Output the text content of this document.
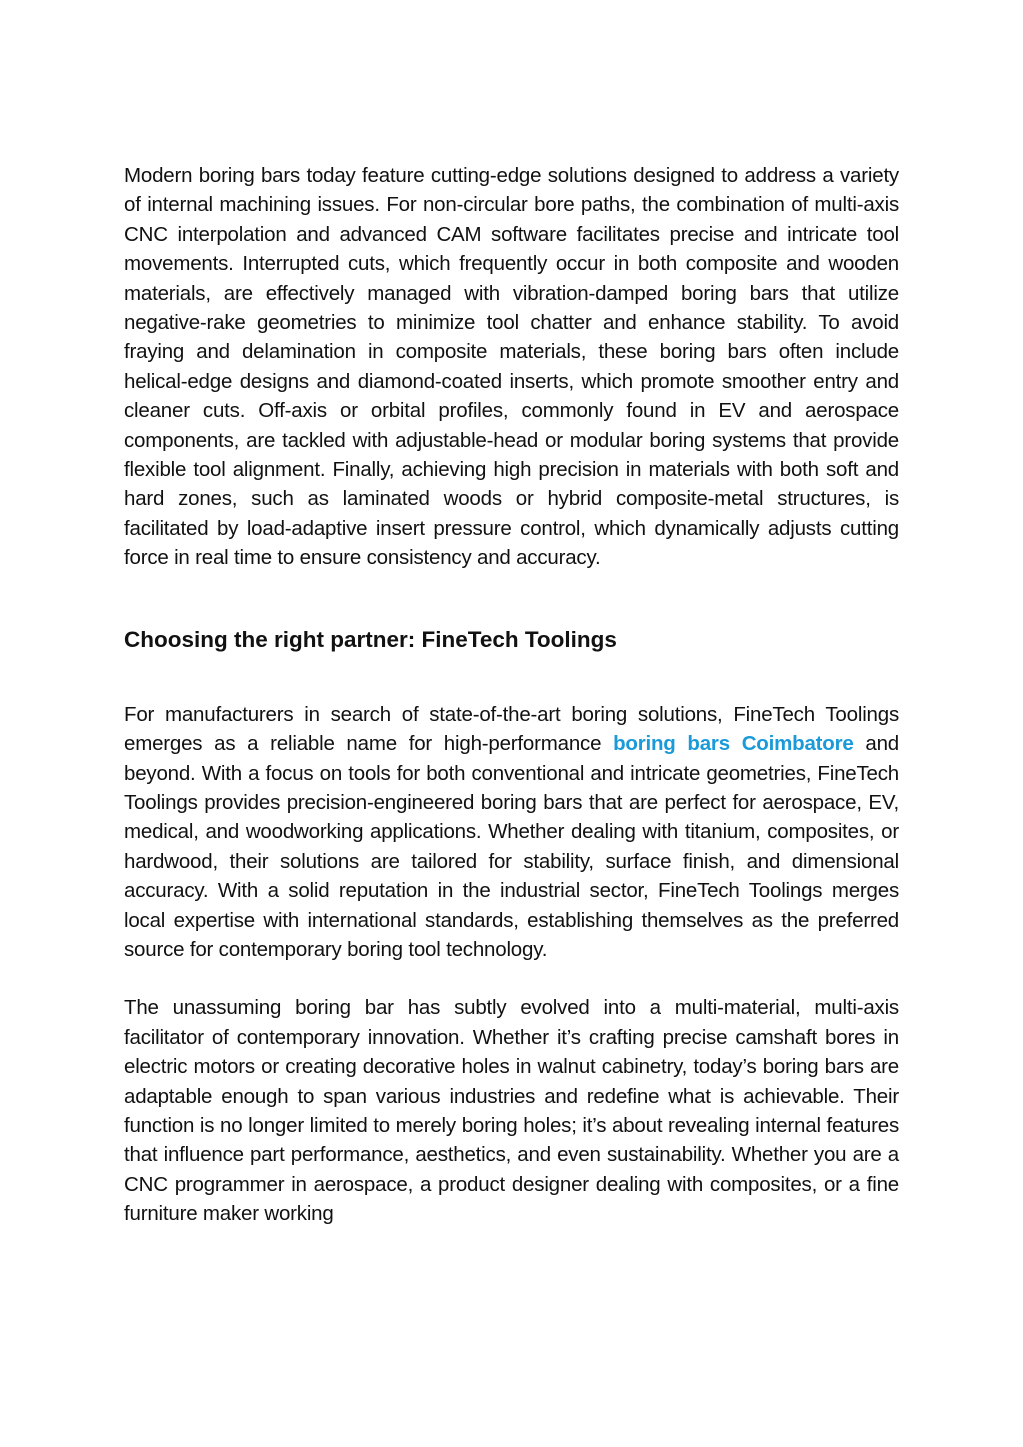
Modern boring bars today feature cutting-edge solutions designed to address a variety of internal machining issues. For non-circular bore paths, the combination of multi-axis CNC interpolation and advanced CAM software facilitates precise and intricate tool movements. Interrupted cuts, which frequently occur in both composite and wooden materials, are effectively managed with vibration-damped boring bars that utilize negative-rake geometries to minimize tool chatter and enhance stability. To avoid fraying and delamination in composite materials, these boring bars often include helical-edge designs and diamond-coated inserts, which promote smoother entry and cleaner cuts. Off-axis or orbital profiles, commonly found in EV and aerospace components, are tackled with adjustable-head or modular boring systems that provide flexible tool alignment. Finally, achieving high precision in materials with both soft and hard zones, such as laminated woods or hybrid composite-metal structures, is facilitated by load-adaptive insert pressure control, which dynamically adjusts cutting force in real time to ensure consistency and accuracy.

Choosing the right partner: FineTech Toolings

For manufacturers in search of state-of-the-art boring solutions, FineTech Toolings emerges as a reliable name for high-performance boring bars Coimbatore and beyond. With a focus on tools for both conventional and intricate geometries, FineTech Toolings provides precision-engineered boring bars that are perfect for aerospace, EV, medical, and woodworking applications. Whether dealing with titanium, composites, or hardwood, their solutions are tailored for stability, surface finish, and dimensional accuracy. With a solid reputation in the industrial sector, FineTech Toolings merges local expertise with international standards, establishing themselves as the preferred source for contemporary boring tool technology.

The unassuming boring bar has subtly evolved into a multi-material, multi-axis facilitator of contemporary innovation. Whether it’s crafting precise camshaft bores in electric motors or creating decorative holes in walnut cabinetry, today’s boring bars are adaptable enough to span various industries and redefine what is achievable. Their function is no longer limited to merely boring holes; it’s about revealing internal features that influence part performance, aesthetics, and even sustainability. Whether you are a CNC programmer in aerospace, a product designer dealing with composites, or a fine furniture maker working
